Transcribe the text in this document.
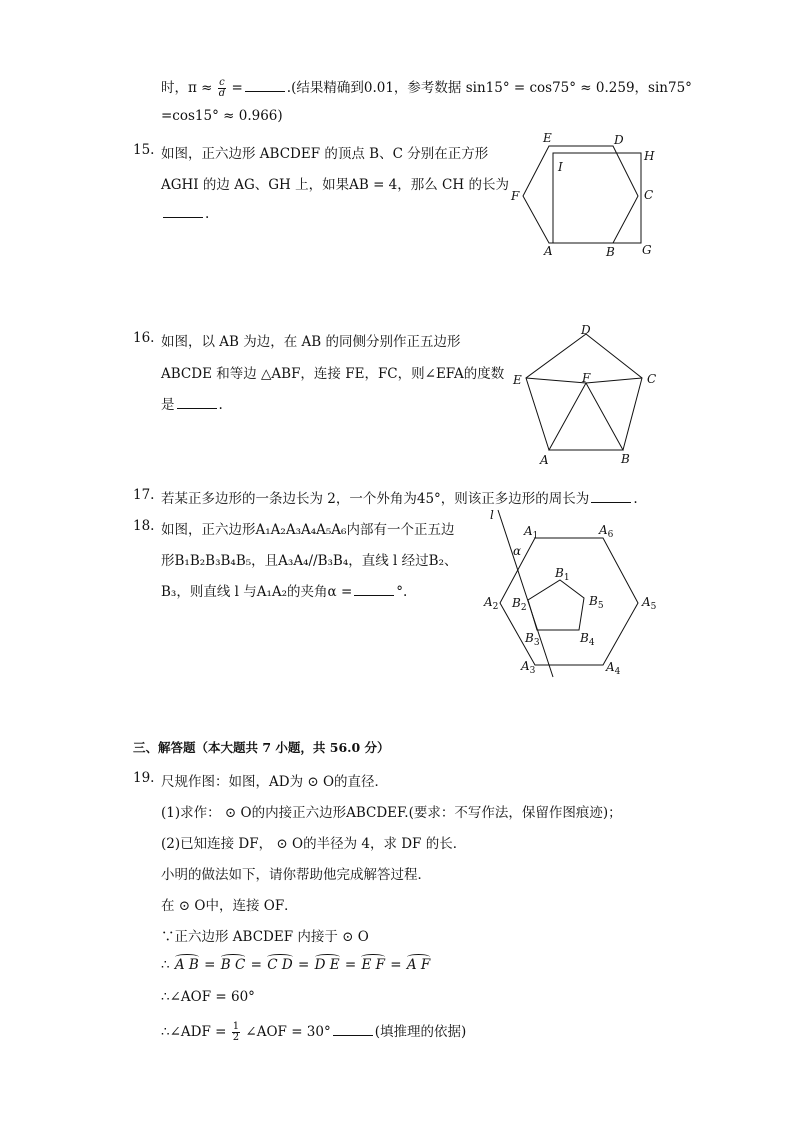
时，$\pi \approx \frac{c}{d}$ =	.(结果精确到0.01，参考数据 sin15° = cos75° ≈ 0.259，sin75°
=cos15° ≈ 0.966)
15. 如图，正六边形 ABCDEF 的顶点 B、C 分别在正方形
AGHI 的边 AG、GH 上，如果AB = 4，那么 CH 的长为
.
E	D
H
I
F	C
A	B G
16. 如图，以 AB 为边，在 AB 的同侧分别作正五边形
ABCDE 和等边 △ABF，连接 FE，FC，则∠EFA的度数
是	.
D
E	F	C
A	B
17. 若某正多边形的一条边长为 2，一个外角为45°，则该正多边形的周长为	.
18. 如图，正六边形A₁A₂A₃A₄A₅A₆内部有一个正五边
形B₁B₂B₃B₄B₅，且A₃A₄//B₃B₄，直线 l 经过B₂、
B₃，则直线 l 与A₁A₂的夹角α =	°.
l
α
$A_1$	$A_6$
$A_2$	$A_5$
$A_3$	$A_4$
$B_1$
$B_2$	$B_5$
$B_3$	$B_4$
三、解答题（本大题共 7 小题，共 56.0 分）
19. 尺规作图：如图，AD为 ⊙ O的直径．
(1)求作： ⊙ O的内接正六边形ABCDEF.(要求：不写作法，保留作图痕迹)；
(2)已知连接 DF， ⊙ O的半径为 4，求 DF 的长．
小明的做法如下，请你帮助他完成解答过程．
在 ⊙ O中，连接 OF．
∵正六边形 ABCDEF 内接于 ⊙ O
∴ A B = B C = C D = D E = E F = A F
∴∠AOF = 60°
∴∠ADF = $\frac{1}{2}$ ∠AOF = 30°	(填推理的依据)
